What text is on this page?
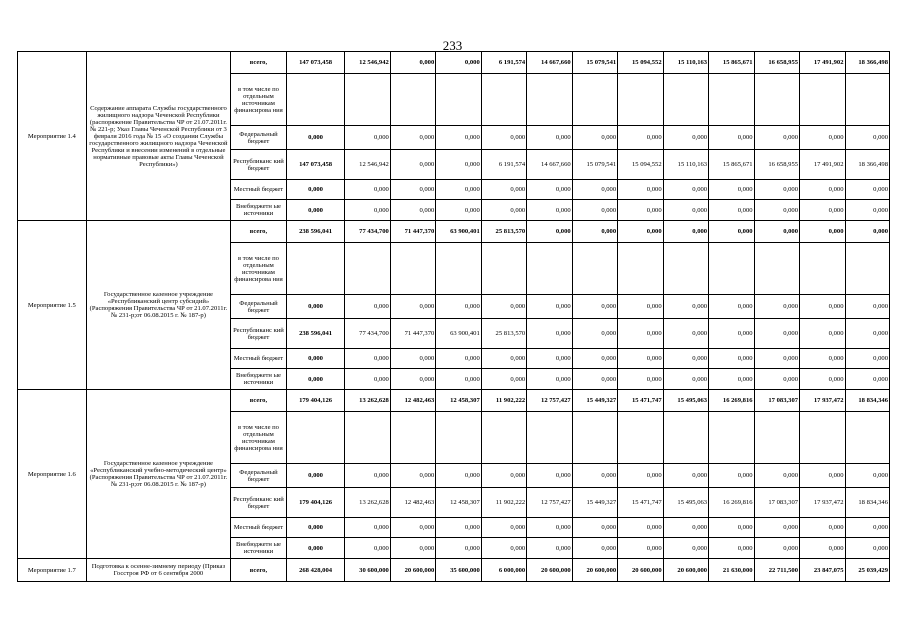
233
Мероприятие 1.4	Содержание аппарата Службы государственного жилищного надзора Чеченской Республики (распоряжение Правительства ЧР от 21.07.2011г. № 221-р; Указ Главы Чеченской Республики от 3 февраля 2016 года № 15 «О создании Службы государственного жилищного надзора Чеченской Республики и внесении изменений в отдельные нормативные правовые акты Главы Чеченской Республики»)	всего,	147 073,458	12 546,942	0,000	0,000	6 191,574	14 667,660	15 079,541	15 094,552	15 110,163	15 865,671	16 658,955	17 491,902	18 366,498
		в том числе по отдельным источникам финансирова ния													
		Федеральный бюджет	0,000	0,000	0,000	0,000	0,000	0,000	0,000	0,000	0,000	0,000	0,000	0,000	0,000
		Республиканс кий бюджет	147 073,458	12 546,942	0,000	0,000	6 191,574	14 667,660	15 079,541	15 094,552	15 110,163	15 865,671	16 658,955	17 491,902	18 366,498
		Местный бюджет	0,000	0,000	0,000	0,000	0,000	0,000	0,000	0,000	0,000	0,000	0,000	0,000	0,000
		Внебюджетн ые источники	0,000	0,000	0,000	0,000	0,000	0,000	0,000	0,000	0,000	0,000	0,000	0,000	0,000
Мероприятие 1.5	Государственное казенное учреждение «Республиканский центр субсидий» (Распоряжения Правительства ЧР от 21.07.2011г. № 231-р;от 06.08.2015 г. № 187-р)	всего,	238 596,041	77 434,700	71 447,370	63 900,401	25 813,570	0,000	0,000	0,000	0,000	0,000	0,000	0,000	0,000
		в том числе по отдельным источникам финансирова ния													
		Федеральный бюджет	0,000	0,000	0,000	0,000	0,000	0,000	0,000	0,000	0,000	0,000	0,000	0,000	0,000
		Республиканс кий бюджет	238 596,041	77 434,700	71 447,370	63 900,401	25 813,570	0,000	0,000	0,000	0,000	0,000	0,000	0,000	0,000
		Местный бюджет	0,000	0,000	0,000	0,000	0,000	0,000	0,000	0,000	0,000	0,000	0,000	0,000	0,000
		Внебюджетн ые источники	0,000	0,000	0,000	0,000	0,000	0,000	0,000	0,000	0,000	0,000	0,000	0,000	0,000
Мероприятие 1.6	Государственное казенное учреждение «Республиканский учебно-методический центр» (Распоряжения Правительства ЧР от 21.07.2011г. № 231-р;от 06.08.2015 г. № 187-р)	всего,	179 404,126	13 262,628	12 482,463	12 458,307	11 902,222	12 757,427	15 449,327	15 471,747	15 495,063	16 269,816	17 083,307	17 937,472	18 834,346
		в том числе по отдельным источникам финансирова ния													
		Федеральный бюджет	0,000	0,000	0,000	0,000	0,000	0,000	0,000	0,000	0,000	0,000	0,000	0,000	0,000
		Республиканс кий бюджет	179 404,126	13 262,628	12 482,463	12 458,307	11 902,222	12 757,427	15 449,327	15 471,747	15 495,063	16 269,816	17 083,307	17 937,472	18 834,346
		Местный бюджет	0,000	0,000	0,000	0,000	0,000	0,000	0,000	0,000	0,000	0,000	0,000	0,000	0,000
		Внебюджетн ые источники	0,000	0,000	0,000	0,000	0,000	0,000	0,000	0,000	0,000	0,000	0,000	0,000	0,000
Мероприятие 1.7	Подготовка к осенне-зимнему периоду (Приказ Госстроя РФ от 6 сентября 2000	всего,	268 428,004	30 600,000	20 600,000	35 600,000	6 000,000	20 600,000	20 600,000	20 600,000	20 600,000	21 630,000	22 711,500	23 847,075	25 039,429
